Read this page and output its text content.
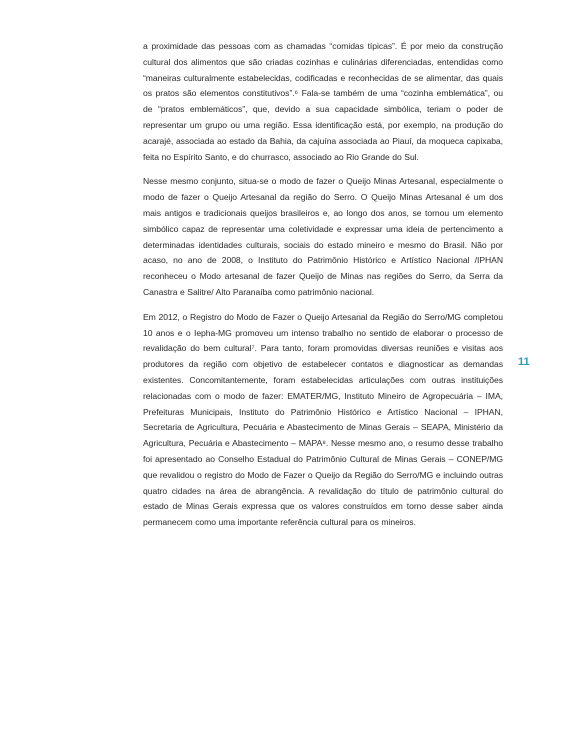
a proximidade das pessoas com as chamadas “comidas típicas”. É por meio da construção cultural dos alimentos que são criadas cozinhas e culinárias diferenciadas, entendidas como “maneiras culturalmente estabelecidas, codificadas e reconhecidas de se alimentar, das quais os pratos são elementos constitutivos”.⁶ Fala-se também de uma “cozinha emblemática”, ou de “pratos emblemáticos”, que, devido a sua capacidade simbólica, teriam o poder de representar um grupo ou uma região. Essa identificação está, por exemplo, na produção do acarajé, associada ao estado da Bahia, da cajuína associada ao Piauí, da moqueca capixaba, feita no Espírito Santo, e do churrasco, associado ao Rio Grande do Sul.

Nesse mesmo conjunto, situa-se o modo de fazer o Queijo Minas Artesanal, especialmente o modo de fazer o Queijo Artesanal da região do Serro. O Queijo Minas Artesanal é um dos mais antigos e tradicionais queijos brasileiros e, ao longo dos anos, se tornou um elemento simbólico capaz de representar uma coletividade e expressar uma ideia de pertencimento a determinadas identidades culturais, sociais do estado mineiro e mesmo do Brasil. Não por acaso, no ano de 2008, o Instituto do Patrimônio Histórico e Artístico Nacional /IPHAN reconheceu o Modo artesanal de fazer Queijo de Minas nas regiões do Serro, da Serra da Canastra e Salitre/ Alto Paranaíba como patrimônio nacional.

Em 2012, o Registro do Modo de Fazer o Queijo Artesanal da Região do Serro/MG completou 10 anos e o Iepha-MG promoveu um intenso trabalho no sentido de elaborar o processo de revalidação do bem cultural⁷. Para tanto, foram promovidas diversas reuniões e visitas aos produtores da região com objetivo de estabelecer contatos e diagnosticar as demandas existentes. Concomitantemente, foram estabelecidas articulações com outras instituições relacionadas com o modo de fazer: EMATER/MG, Instituto Mineiro de Agropecuária – IMA, Prefeituras Municipais, Instituto do Patrimônio Histórico e Artístico Nacional – IPHAN, Secretaria de Agricultura, Pecuária e Abastecimento de Minas Gerais – SEAPA, Ministério da Agricultura, Pecuária e Abastecimento – MAPA⁸. Nesse mesmo ano, o resumo desse trabalho foi apresentado ao Conselho Estadual do Patrimônio Cultural de Minas Gerais – CONEP/MG que revalidou o registro do Modo de Fazer o Queijo da Região do Serro/MG e incluindo outras quatro cidades na área de abrangência. A revalidação do título de patrimônio cultural do estado de Minas Gerais expressa que os valores construídos em torno desse saber ainda permanecem como uma importante referência cultural para os mineiros.

11
